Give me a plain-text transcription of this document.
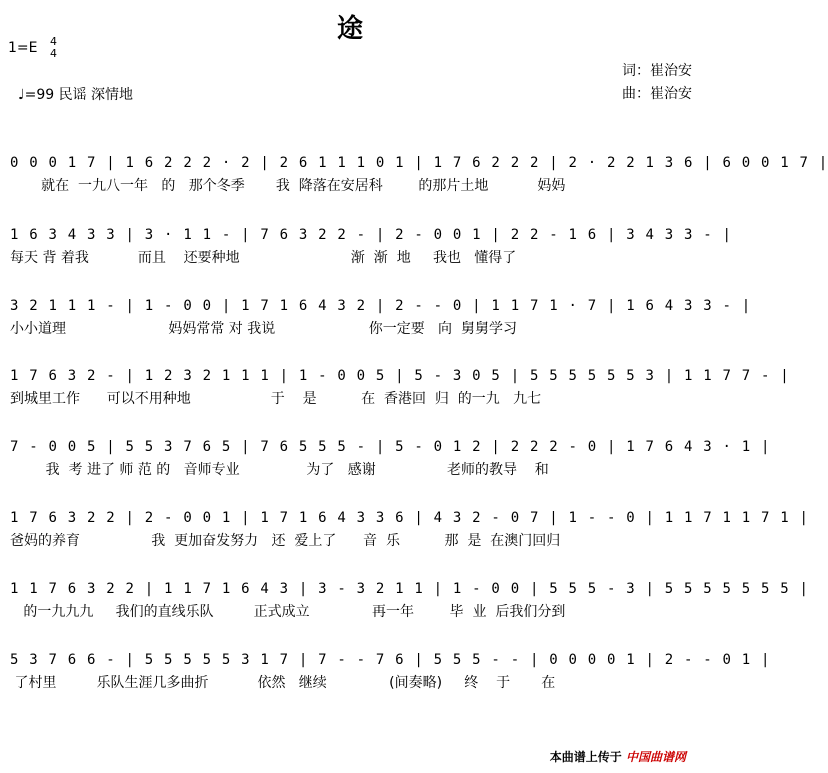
途
1=E 4
4
♩=99 民谣 深情地
词：崔治安
曲：崔治安
0 0 0 1 7 | 1 6 2 2 2 · 2 | 2 6 1 1 1 0 1 | 1 7 6 2 2 2 | 2 · 2 2 1 3 6 | 6 0 0 1 7 |
就在  一九八一年   的   那个冬季       我  降落在安居科        的那片土地           妈妈
1 6 3 4 3 3 | 3 · 1 1 - | 7 6 3 2 2 - | 2 - 0 0 1 | 2 2 - 1 6 | 3 4 3 3 - |
每天 背 着我           而且    还要种地                         渐  渐  地     我也   懂得了
3 2 1 1 1 - | 1 - 0 0 | 1 7 1 6 4 3 2 | 2 - - 0 | 1 1 7 1 · 7 | 1 6 4 3 3 - |
小小道理                       妈妈常常 对 我说                     你一定要   向  舅舅学习
1 7 6 3 2 - | 1 2 3 2 1 1 1 | 1 - 0 0 5 | 5 - 3 0 5 | 5 5 5 5 5 5 3 | 1 1 7 7 - |
到城里工作      可以不用种地                  于    是          在  香港回  归  的一九   九七
7 - 0 0 5 | 5 5 3 7 6 5 | 7 6 5 5 5 - | 5 - 0 1 2 | 2 2 2 - 0 | 1 7 6 4 3 · 1 |
我  考 进了 师 范 的   音师专业               为了   感谢                老师的教导    和
1 7 6 3 2 2 | 2 - 0 0 1 | 1 7 1 6 4 3 3 6 | 4 3 2 - 0 7 | 1 - - 0 | 1 1 7 1 1 7 1 |
爸妈的养育                我  更加奋发努力   还  爱上了      音  乐          那  是  在澳门回归
1 1 7 6 3 2 2 | 1 1 7 1 6 4 3 | 3 - 3 2 1 1 | 1 - 0 0 | 5 5 5 - 3 | 5 5 5 5 5 5 5 |
的一九九九     我们的直线乐队         正式成立              再一年        毕  业  后我们分到
5 3 7 6 6 - | 5 5 5 5 5 3 1 7 | 7 - - 7 6 | 5 5 5 - - | 0 0 0 0 1 | 2 - - 0 1 |
了村里         乐队生涯几多曲折           依然   继续              (间奏略)     终    于       在
本曲谱上传于 中国曲谱网
